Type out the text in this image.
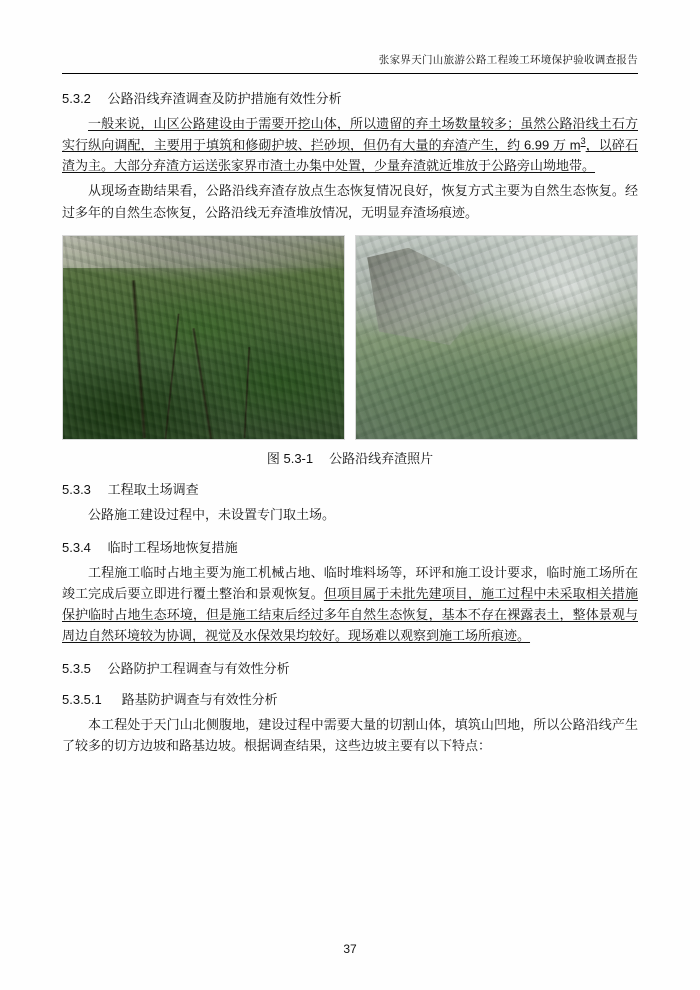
张家界天门山旅游公路工程竣工环境保护验收调查报告
5.3.2 公路沿线弃渣调查及防护措施有效性分析

一般来说，山区公路建设由于需要开挖山体，所以遗留的弃土场数量较多；虽然公路沿线土石方实行纵向调配，主要用于填筑和修砌护坡、拦砂坝，但仍有大量的弃渣产生，约 6.99 万 $m^3$，以碎石渣为主。大部分弃渣方运送张家界市渣土办集中处置，少量弃渣就近堆放于公路旁山坳地带。

从现场查勘结果看，公路沿线弃渣存放点生态恢复情况良好，恢复方式主要为自然生态恢复。经过多年的自然生态恢复，公路沿线无弃渣堆放情况，无明显弃渣场痕迹。

图 5.3-1 公路沿线弃渣照片
5.3.3 工程取土场调查

公路施工建设过程中，未设置专门取土场。

5.3.4 临时工程场地恢复措施

工程施工临时占地主要为施工机械占地、临时堆料场等，环评和施工设计要求，临时施工场所在竣工完成后要立即进行覆土整治和景观恢复。但项目属于未批先建项目，施工过程中未采取相关措施保护临时占地生态环境，但是施工结束后经过多年自然生态恢复，基本不存在裸露表土，整体景观与周边自然环境较为协调，视觉及水保效果均较好。现场难以观察到施工场所痕迹。

5.3.5 公路防护工程调查与有效性分析
5.3.5.1 路基防护调查与有效性分析

本工程处于天门山北侧腹地，建设过程中需要大量的切割山体，填筑山凹地，所以公路沿线产生了较多的切方边坡和路基边坡。根据调查结果，这些边坡主要有以下特点：

37
